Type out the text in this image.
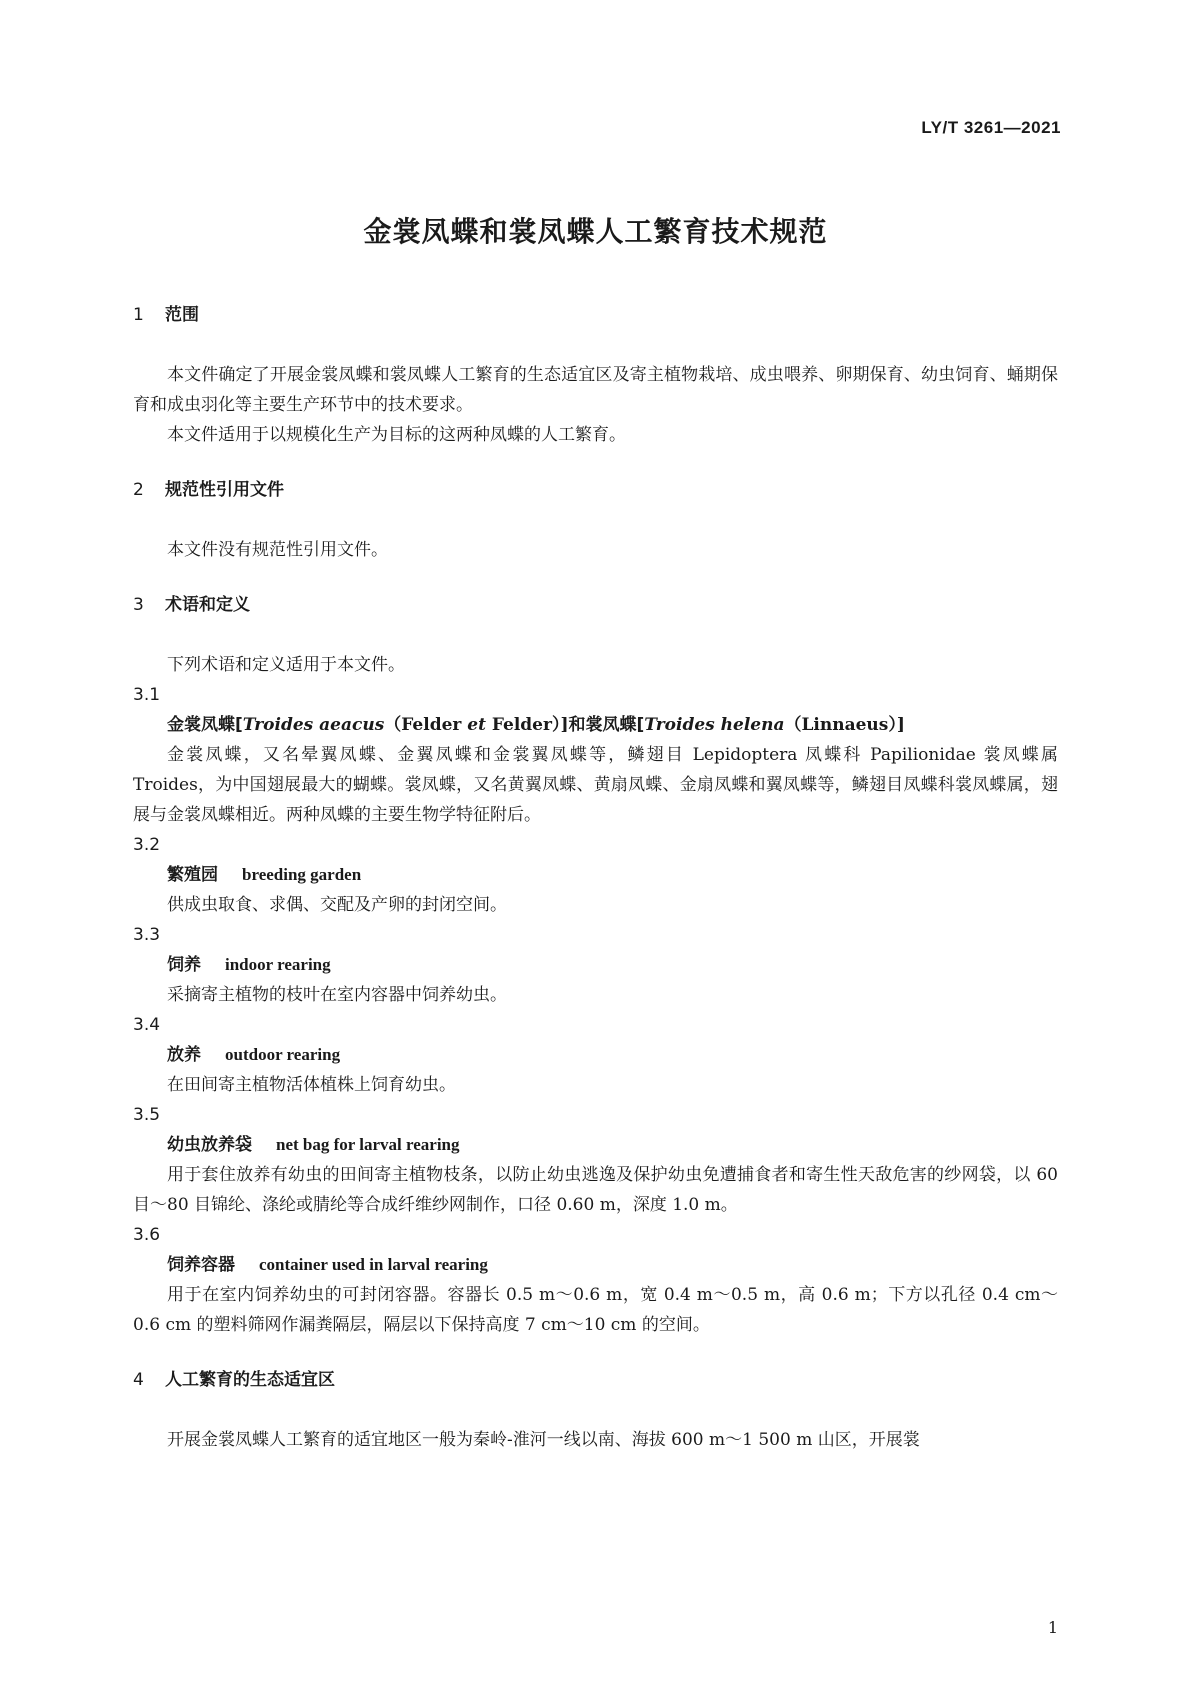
LY/T 3261—2021
金裳凤蝶和裳凤蝶人工繁育技术规范
1 范围

本文件确定了开展金裳凤蝶和裳凤蝶人工繁育的生态适宜区及寄主植物栽培、成虫喂养、卵期保育、幼虫饲育、蛹期保育和成虫羽化等主要生产环节中的技术要求。

本文件适用于以规模化生产为目标的这两种凤蝶的人工繁育。

2 规范性引用文件

本文件没有规范性引用文件。

3 术语和定义

下列术语和定义适用于本文件。

3.1

金裳凤蝶[Troides aeacus（Felder et Felder）]和裳凤蝶[Troides helena（Linnaeus）]

金裳凤蝶，又名晕翼凤蝶、金翼凤蝶和金裳翼凤蝶等，鳞翅目 Lepidoptera 凤蝶科 Papilionidae 裳凤蝶属 Troides，为中国翅展最大的蝴蝶。裳凤蝶，又名黄翼凤蝶、黄扇凤蝶、金扇凤蝶和翼凤蝶等，鳞翅目凤蝶科裳凤蝶属，翅展与金裳凤蝶相近。两种凤蝶的主要生物学特征附后。

3.2

繁殖园 breeding garden

供成虫取食、求偶、交配及产卵的封闭空间。

3.3

饲养 indoor rearing

采摘寄主植物的枝叶在室内容器中饲养幼虫。

3.4

放养 outdoor rearing

在田间寄主植物活体植株上饲育幼虫。

3.5

幼虫放养袋 net bag for larval rearing

用于套住放养有幼虫的田间寄主植物枝条，以防止幼虫逃逸及保护幼虫免遭捕食者和寄生性天敌危害的纱网袋，以 60 目～80 目锦纶、涤纶或腈纶等合成纤维纱网制作，口径 0.60 m，深度 1.0 m。

3.6

饲养容器 container used in larval rearing

用于在室内饲养幼虫的可封闭容器。容器长 0.5 m～0.6 m，宽 0.4 m～0.5 m，高 0.6 m；下方以孔径 0.4 cm～0.6 cm 的塑料筛网作漏粪隔层，隔层以下保持高度 7 cm～10 cm 的空间。

4 人工繁育的生态适宜区

开展金裳凤蝶人工繁育的适宜地区一般为秦岭-淮河一线以南、海拔 600 m～1 500 m 山区，开展裳

1
